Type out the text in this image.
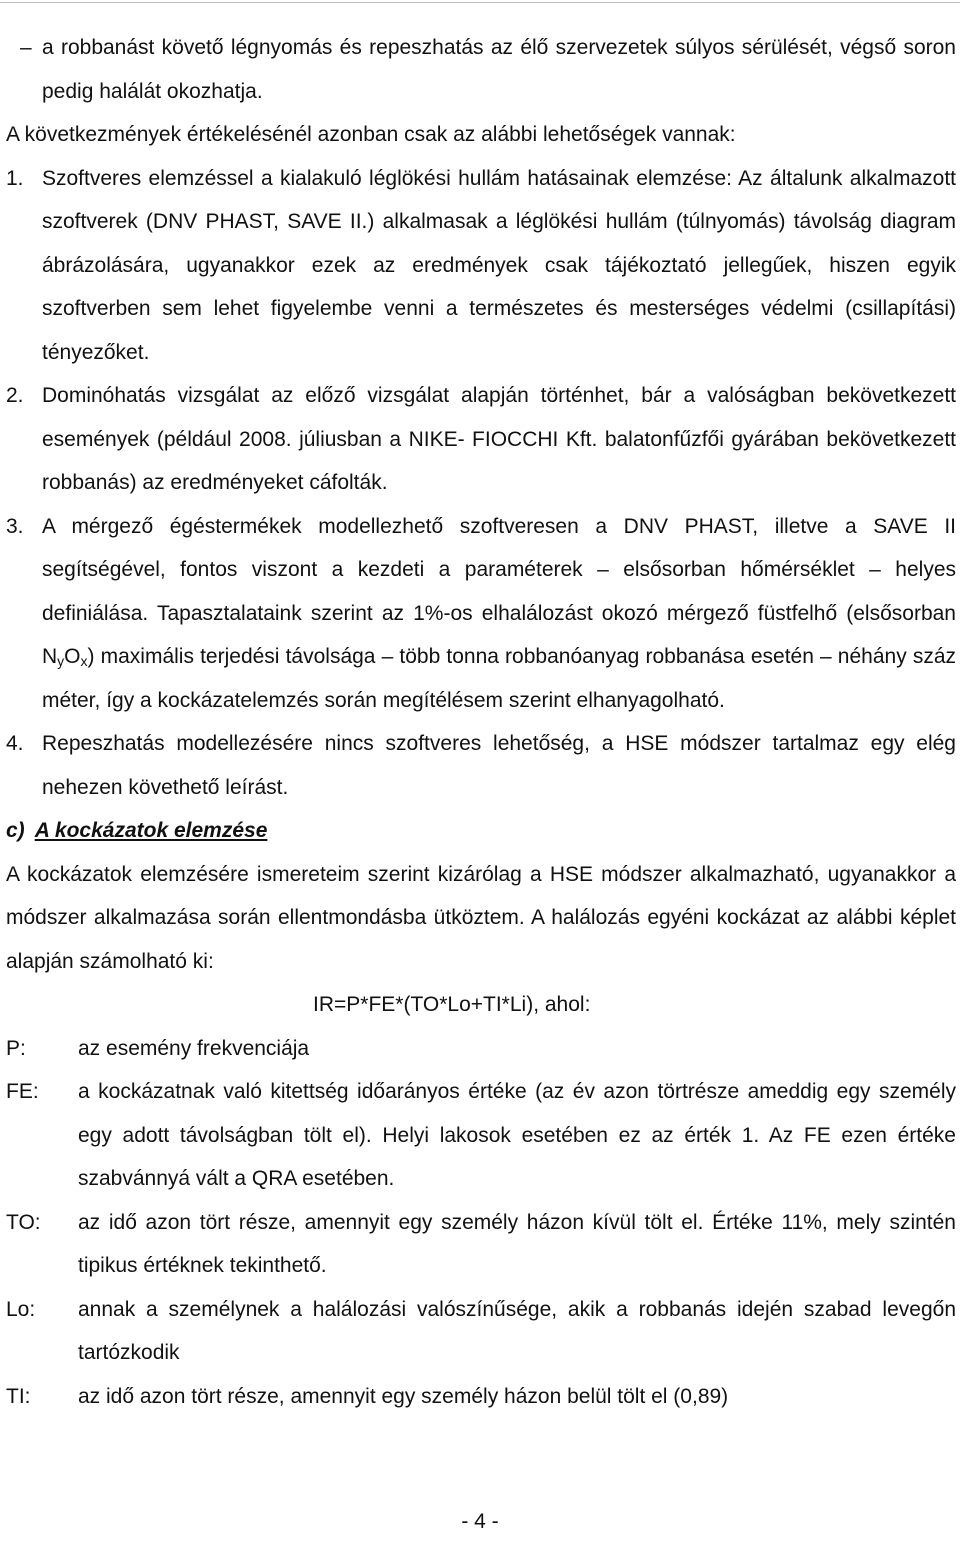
– a robbanást követő légnyomás és repeszhatás az élő szervezetek súlyos sérülését, végső soron pedig halálát okozhatja.

A következmények értékelésénél azonban csak az alábbi lehetőségek vannak:

1. Szoftveres elemzéssel a kialakuló léglökési hullám hatásainak elemzése: Az általunk alkalmazott szoftverek (DNV PHAST, SAVE II.) alkalmasak a léglökési hullám (túlnyomás) távolság diagram ábrázolására, ugyanakkor ezek az eredmények csak tájékoztató jellegűek, hiszen egyik szoftverben sem lehet figyelembe venni a természetes és mesterséges védelmi (csillapítási) tényezőket.

2. Dominóhatás vizsgálat az előző vizsgálat alapján történhet, bár a valóságban bekövetkezett események (például 2008. júliusban a NIKE- FIOCCHI Kft. balatonfűzfői gyárában bekövetkezett robbanás) az eredményeket cáfolták.

3. A mérgező égéstermékek modellezhető szoftveresen a DNV PHAST, illetve a SAVE II segítségével, fontos viszont a kezdeti a paraméterek – elsősorban hőmérséklet – helyes definiálása. Tapasztalataink szerint az 1%-os elhalálozást okozó mérgező füstfelhő (elsősorban $N_yO_x$) maximális terjedési távolsága – több tonna robbanóanyag robbanása esetén – néhány száz méter, így a kockázatelemzés során megítélésem szerint elhanyagolható.

4. Repeszhatás modellezésére nincs szoftveres lehetőség, a HSE módszer tartalmaz egy elég nehezen követhető leírást.

c) A kockázatok elemzése

A kockázatok elemzésére ismereteim szerint kizárólag a HSE módszer alkalmazható, ugyanakkor a módszer alkalmazása során ellentmondásba ütköztem. A halálozás egyéni kockázat az alábbi képlet alapján számolható ki:

IR=P*FE*(TO*Lo+TI*Li), ahol:

P: az esemény frekvenciája
FE: a kockázatnak való kitettség időarányos értéke (az év azon törtrésze ameddig egy személy egy adott távolságban tölt el). Helyi lakosok esetében ez az érték 1. Az FE ezen értéke szabvánnyá vált a QRA esetében.
TO: az idő azon tört része, amennyit egy személy házon kívül tölt el. Értéke 11%, mely szintén tipikus értéknek tekinthető.
Lo: annak a személynek a halálozási valószínűsége, akik a robbanás idején szabad levegőn tartózkodik
TI: az idő azon tört része, amennyit egy személy házon belül tölt el (0,89)
- 4 -
